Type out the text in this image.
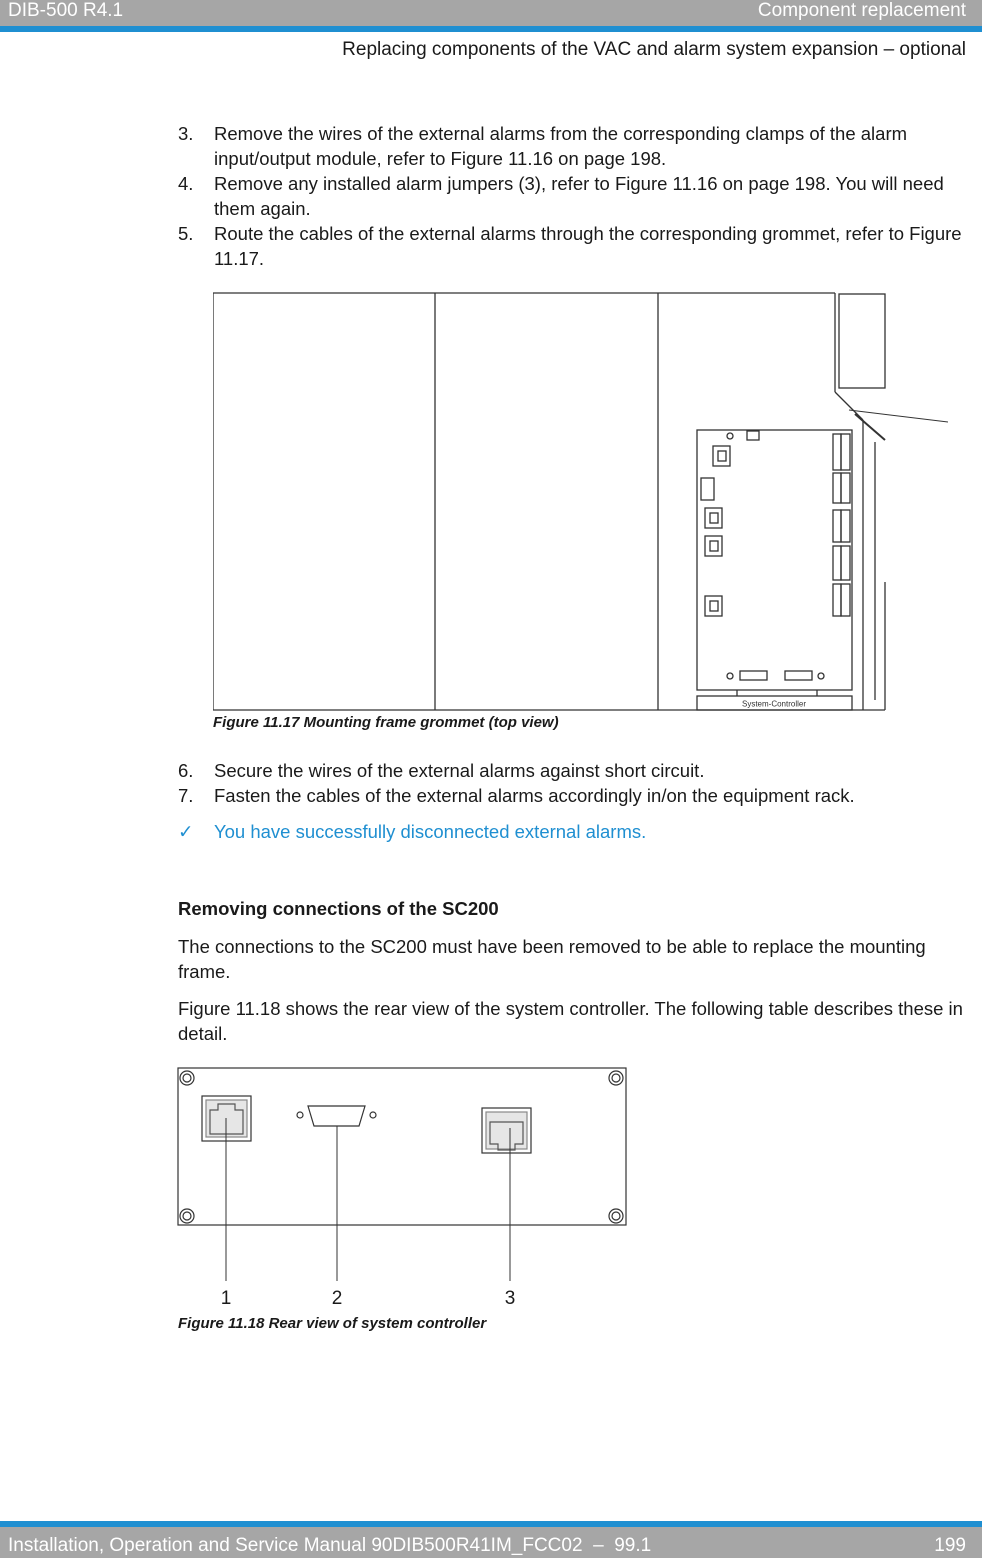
DIB-500 R4.1	Component replacement
Replacing components of the VAC and alarm system expansion – optional
3. Remove the wires of the external alarms from the corresponding clamps of the alarm input/output module, refer to Figure 11.16 on page 198.
4. Remove any installed alarm jumpers (3), refer to Figure 11.16 on page 198. You will need them again.
5. Route the cables of the external alarms through the corresponding grommet, refer to Figure 11.17.
System-Controller
Figure 11.17 Mounting frame grommet (top view)
6. Secure the wires of the external alarms against short circuit.
7. Fasten the cables of the external alarms accordingly in/on the equipment rack.
✓ You have successfully disconnected external alarms.
Removing connections of the SC200
The connections to the SC200 must have been removed to be able to replace the mounting frame.
Figure 11.18 shows the rear view of the system controller. The following table describes these in detail.
1	2	3
Figure 11.18 Rear view of system controller
Installation, Operation and Service Manual 90DIB500R41IM_FCC02  –  99.1	199
